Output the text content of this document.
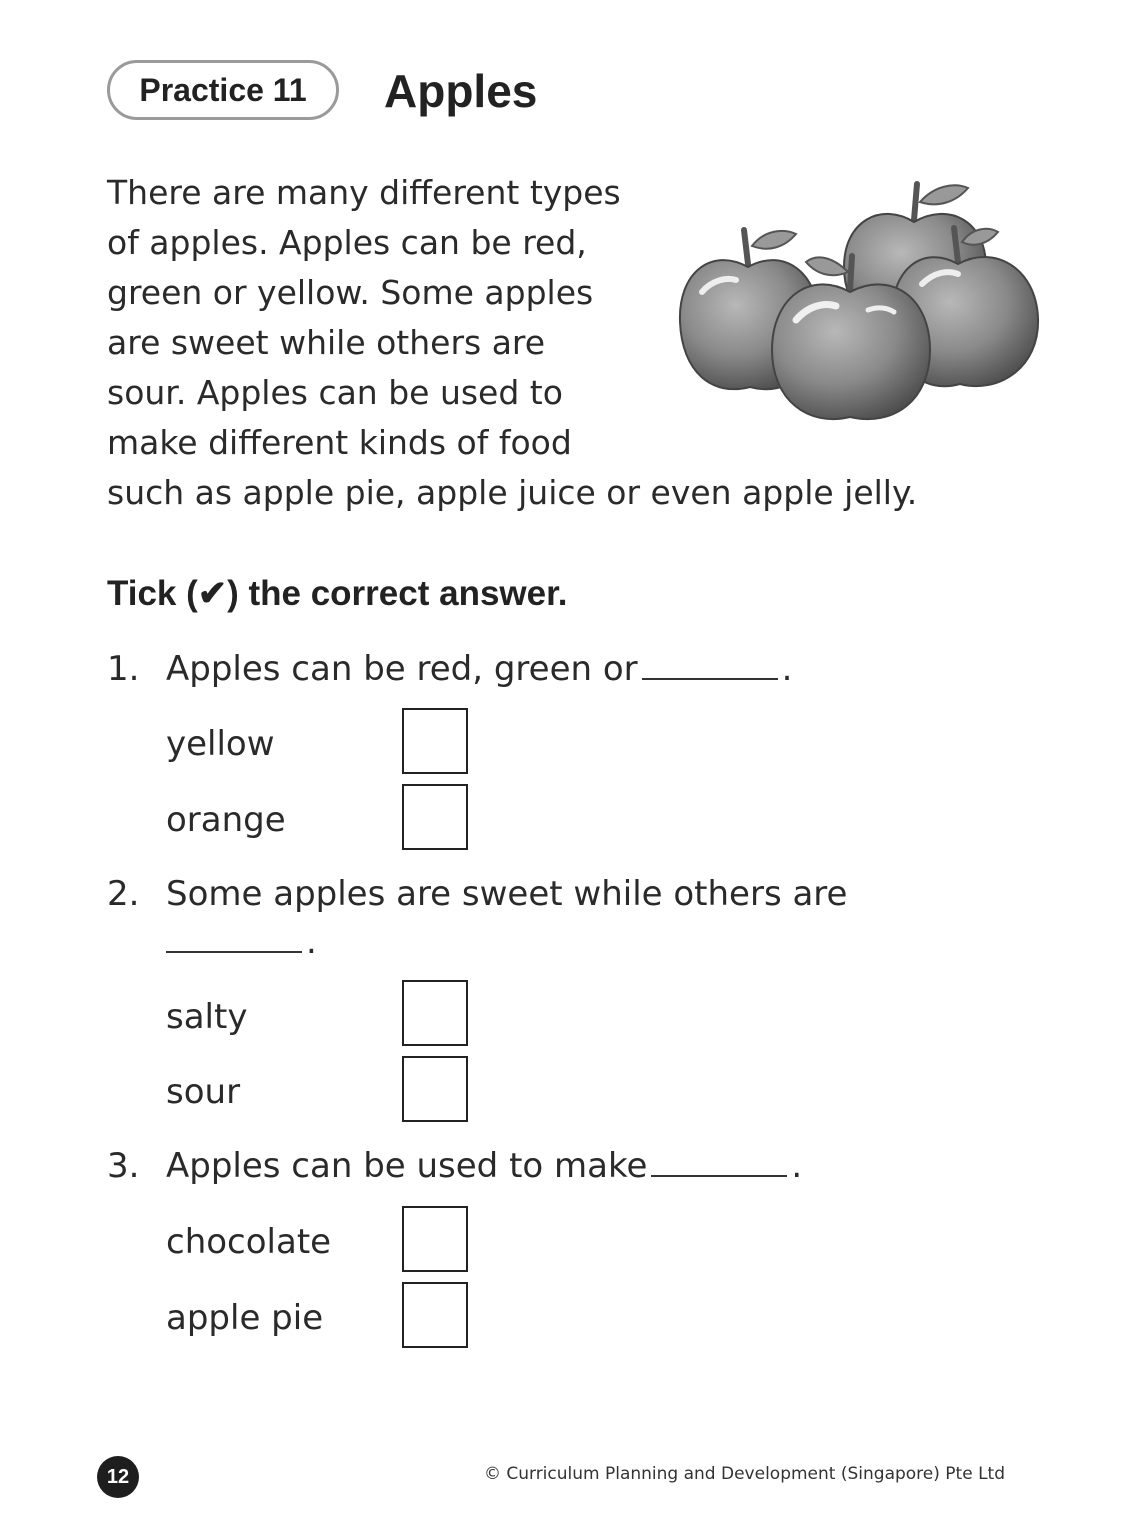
Practice 11 Apples
There are many different types
of apples. Apples can be red,
green or yellow. Some apples
are sweet while others are
sour. Apples can be used to
make different kinds of food
such as apple pie, apple juice or even apple jelly.
Tick (✔) the correct answer.
1. Apples can be red, green or	.
yellow
orange
2. Some apples are sweet while others are
.
salty
sour
3. Apples can be used to make	.
chocolate
apple pie
12	© Curriculum Planning and Development (Singapore) Pte Ltd
